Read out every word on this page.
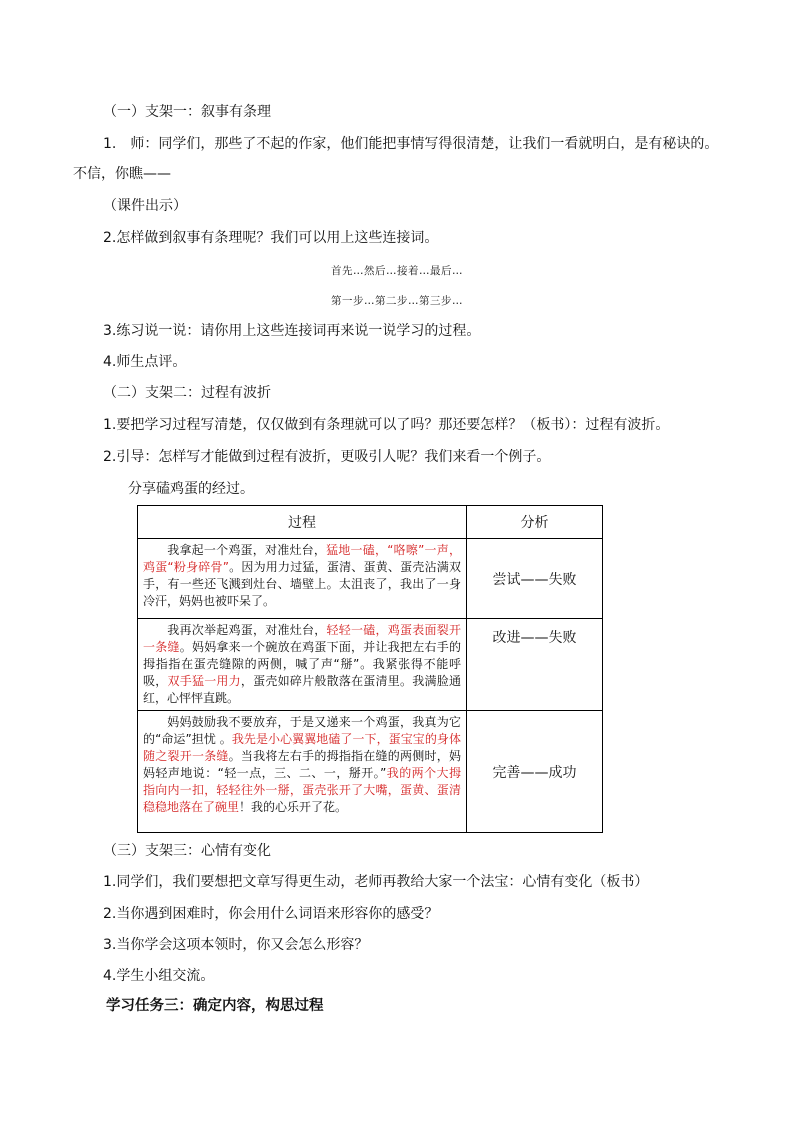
（一）支架一：叙事有条理
1.　师：同学们，那些了不起的作家，他们能把事情写得很清楚，让我们一看就明白，是有秘诀的。
不信，你瞧——
（课件出示）
2.怎样做到叙事有条理呢？我们可以用上这些连接词。
首先…然后…接着…最后…
第一步…第二步…第三步…
3.练习说一说：请你用上这些连接词再来说一说学习的过程。
4.师生点评。
（二）支架二：过程有波折
1.要把学习过程写清楚，仅仅做到有条理就可以了吗？那还要怎样？（板书）：过程有波折。
2.引导：怎样写才能做到过程有波折，更吸引人呢？我们来看一个例子。
分享磕鸡蛋的经过。
过程	分析
我拿起一个鸡蛋，对准灶台，猛地一磕，“咯嚓”一声，鸡蛋“粉身碎骨”。因为用力过猛，蛋清、蛋黄、蛋壳沾满双手，有一些还飞溅到灶台、墙壁上。太沮丧了，我出了一身冷汗，妈妈也被吓呆了。	尝试——失败
我再次举起鸡蛋，对准灶台，轻轻一磕，鸡蛋表面裂开一条缝。妈妈拿来一个碗放在鸡蛋下面，并让我把左右手的拇指指在蛋壳缝隙的两侧，喊了声“掰”。我紧张得不能呼吸，双手猛一用力，蛋壳如碎片般散落在蛋清里。我满脸通红，心怦怦直跳。	改进——失败
妈妈鼓励我不要放弃，于是又递来一个鸡蛋，我真为它的“命运”担忧 。我先是小心翼翼地磕了一下，蛋宝宝的身体随之裂开一条缝。当我将左右手的拇指指在缝的两侧时，妈妈轻声地说：“轻一点，三、二、一，掰开。”我的两个大拇指向内一扣，轻轻往外一掰，蛋壳张开了大嘴，蛋黄、蛋清稳稳地落在了碗里！我的心乐开了花。	完善——成功
（三）支架三：心情有变化
1.同学们，我们要想把文章写得更生动，老师再教给大家一个法宝：心情有变化（板书）
2.当你遇到困难时，你会用什么词语来形容你的感受？
3.当你学会这项本领时，你又会怎么形容？
4.学生小组交流。
学习任务三：确定内容，构思过程
